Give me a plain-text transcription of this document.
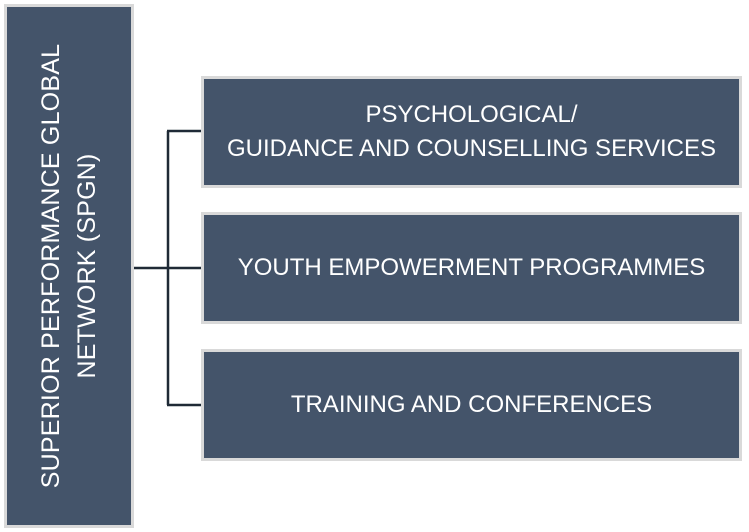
SUPERIOR PERFORMANCE GLOBAL NETWORK (SPGN)
PSYCHOLOGICAL/
GUIDANCE AND COUNSELLING SERVICES
YOUTH EMPOWERMENT PROGRAMMES
TRAINING AND CONFERENCES
